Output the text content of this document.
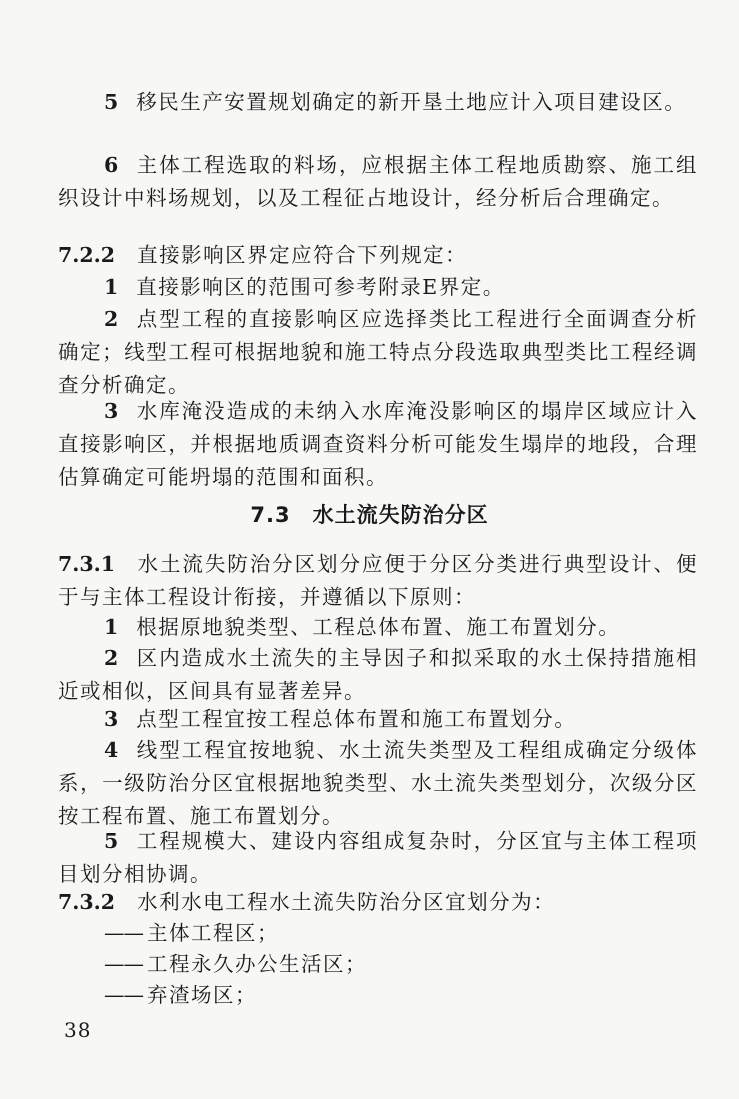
5 移民生产安置规划确定的新开垦土地应计入项目建设区。

6 主体工程选取的料场，应根据主体工程地质勘察、施工组织设计中料场规划，以及工程征占地设计，经分析后合理确定。

7.2.2 直接影响区界定应符合下列规定：

1 直接影响区的范围可参考附录E界定。

2 点型工程的直接影响区应选择类比工程进行全面调查分析确定；线型工程可根据地貌和施工特点分段选取典型类比工程经调查分析确定。

3 水库淹没造成的未纳入水库淹没影响区的塌岸区域应计入直接影响区，并根据地质调查资料分析可能发生塌岸的地段，合理估算确定可能坍塌的范围和面积。

7.3 水土流失防治分区

7.3.1 水土流失防治分区划分应便于分区分类进行典型设计、便于与主体工程设计衔接，并遵循以下原则：

1 根据原地貌类型、工程总体布置、施工布置划分。

2 区内造成水土流失的主导因子和拟采取的水土保持措施相近或相似，区间具有显著差异。

3 点型工程宜按工程总体布置和施工布置划分。

4 线型工程宜按地貌、水土流失类型及工程组成确定分级体系，一级防治分区宜根据地貌类型、水土流失类型划分，次级分区按工程布置、施工布置划分。

5 工程规模大、建设内容组成复杂时，分区宜与主体工程项目划分相协调。

7.3.2 水利水电工程水土流失防治分区宜划分为：

—— 主体工程区；
—— 工程永久办公生活区；
—— 弃渣场区；
38
